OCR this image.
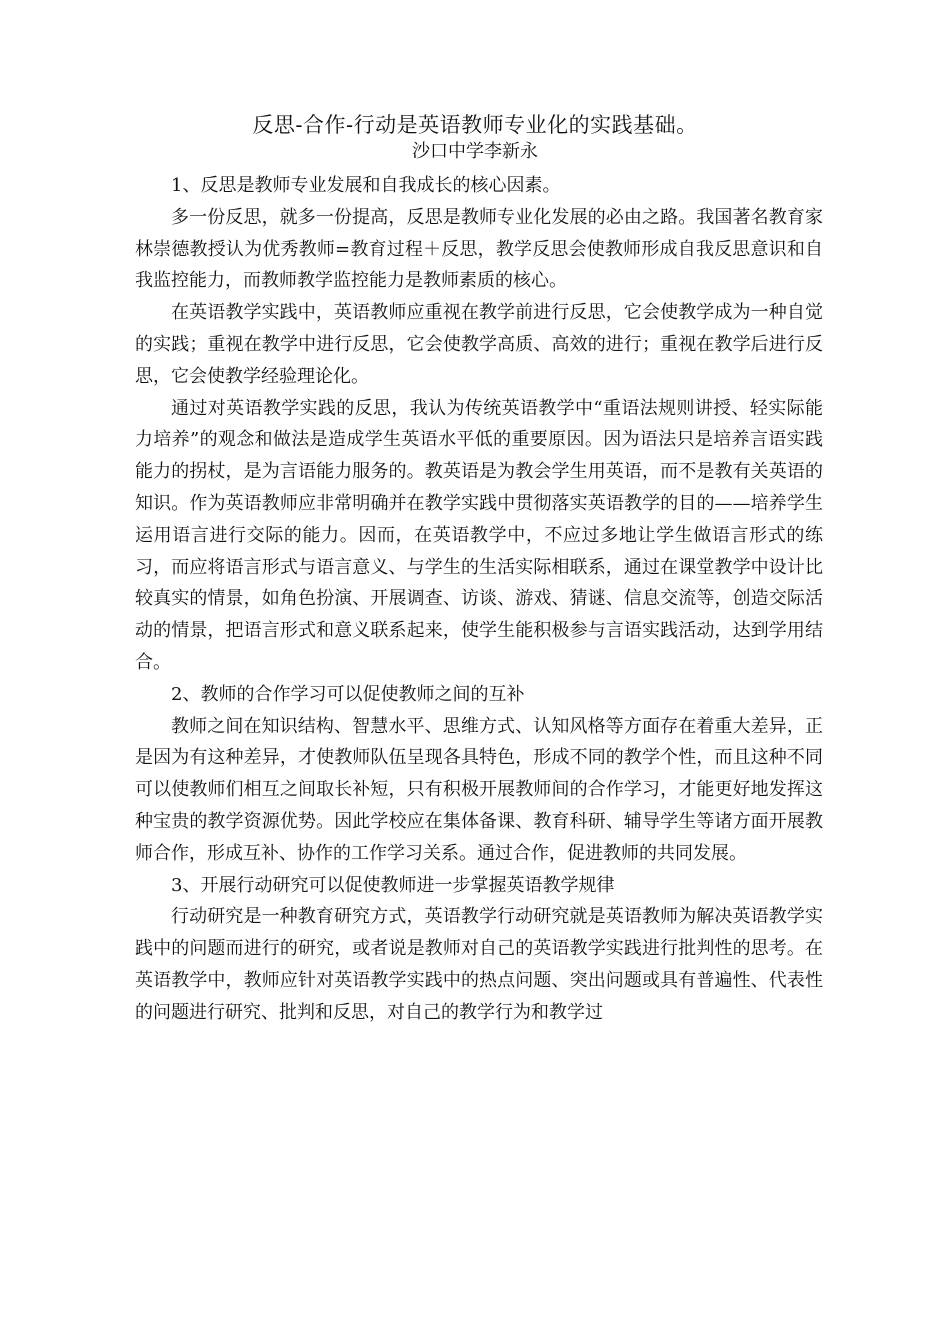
反思-合作-行动是英语教师专业化的实践基础。
沙口中学李新永

1、反思是教师专业发展和自我成长的核心因素。

多一份反思，就多一份提高，反思是教师专业化发展的必由之路。我国著名教育家林崇德教授认为优秀教师=教育过程＋反思，教学反思会使教师形成自我反思意识和自我监控能力，而教师教学监控能力是教师素质的核心。

在英语教学实践中，英语教师应重视在教学前进行反思，它会使教学成为一种自觉的实践；重视在教学中进行反思，它会使教学高质、高效的进行；重视在教学后进行反思，它会使教学经验理论化。

通过对英语教学实践的反思，我认为传统英语教学中“重语法规则讲授、轻实际能力培养”的观念和做法是造成学生英语水平低的重要原因。因为语法只是培养言语实践能力的拐杖，是为言语能力服务的。教英语是为教会学生用英语，而不是教有关英语的知识。作为英语教师应非常明确并在教学实践中贯彻落实英语教学的目的——培养学生运用语言进行交际的能力。因而，在英语教学中，不应过多地让学生做语言形式的练习，而应将语言形式与语言意义、与学生的生活实际相联系，通过在课堂教学中设计比较真实的情景，如角色扮演、开展调查、访谈、游戏、猜谜、信息交流等，创造交际活动的情景，把语言形式和意义联系起来，使学生能积极参与言语实践活动，达到学用结合。

2、教师的合作学习可以促使教师之间的互补

教师之间在知识结构、智慧水平、思维方式、认知风格等方面存在着重大差异，正是因为有这种差异，才使教师队伍呈现各具特色，形成不同的教学个性，而且这种不同可以使教师们相互之间取长补短，只有积极开展教师间的合作学习，才能更好地发挥这种宝贵的教学资源优势。因此学校应在集体备课、教育科研、辅导学生等诸方面开展教师合作，形成互补、协作的工作学习关系。通过合作，促进教师的共同发展。

3、开展行动研究可以促使教师进一步掌握英语教学规律

行动研究是一种教育研究方式，英语教学行动研究就是英语教师为解决英语教学实践中的问题而进行的研究，或者说是教师对自己的英语教学实践进行批判性的思考。在英语教学中，教师应针对英语教学实践中的热点问题、突出问题或具有普遍性、代表性的问题进行研究、批判和反思，对自己的教学行为和教学过
